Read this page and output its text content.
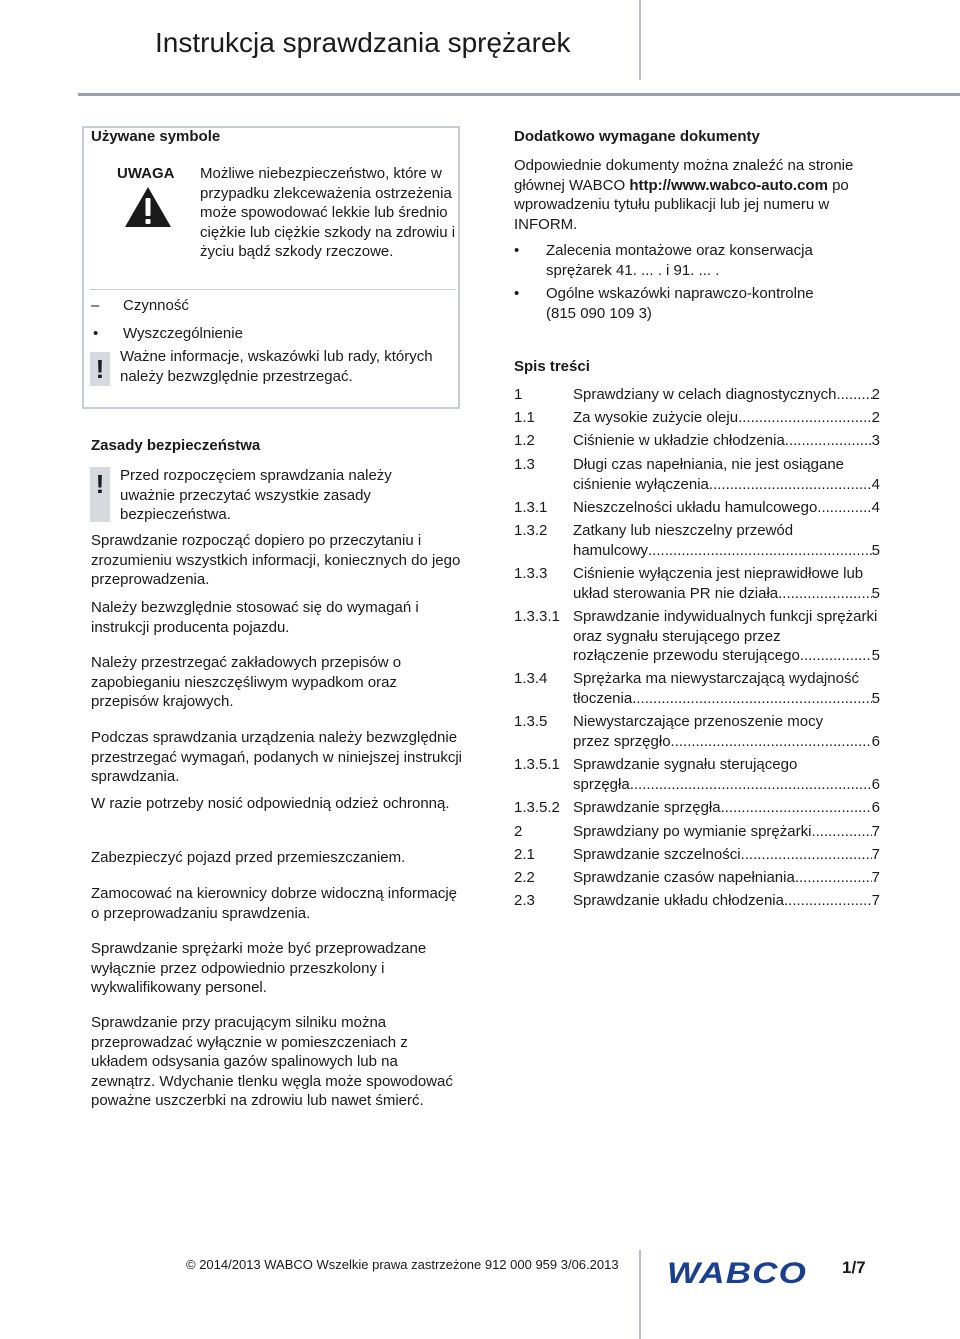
Instrukcja sprawdzania sprężarek
Używane symbole
UWAGA Możliwe niebezpieczeństwo, które w przypadku zlekceważenia ostrzeżenia może spowodować lekkie lub średnio ciężkie lub ciężkie szkody na zdrowiu i życiu bądź szkody rzeczowe.

– Czynność
• Wyszczególnienie
!	Ważne informacje, wskazówki lub rady, których należy bezwzględnie przestrzegać.

Zasady bezpieczeństwa
!	Przed rozpoczęciem sprawdzania należy uważnie przeczytać wszystkie zasady bezpieczeństwa.

Sprawdzanie rozpocząć dopiero po przeczytaniu i zrozumieniu wszystkich informacji, koniecznych do jego przeprowadzenia.

Należy bezwzględnie stosować się do wymagań i instrukcji producenta pojazdu.

Należy przestrzegać zakładowych przepisów o zapobieganiu nieszczęśliwym wypadkom oraz przepisów krajowych.

Podczas sprawdzania urządzenia należy bezwzględnie przestrzegać wymagań, podanych w niniejszej instrukcji sprawdzania.

W razie potrzeby nosić odpowiednią odzież ochronną.

Zabezpieczyć pojazd przed przemieszczaniem.

Zamocować na kierownicy dobrze widoczną informację o przeprowadzaniu sprawdzenia.

Sprawdzanie sprężarki może być przeprowadzane wyłącznie przez odpowiednio przeszkolony i wykwalifikowany personel.

Sprawdzanie przy pracującym silniku można przeprowadzać wyłącznie w pomieszczeniach z układem odsysania gazów spalinowych lub na zewnątrz. Wdychanie tlenku węgla może spowodować poważne uszczerbki na zdrowiu lub nawet śmierć.

Dodatkowo wymagane dokumenty

Odpowiednie dokumenty można znaleźć na stronie głównej WABCO http://www.wabco-auto.com po wprowadzeniu tytułu publikacji lub jej numeru w INFORM.

• Zalecenia montażowe oraz konserwacja sprężarek 41. ... . i 91. ... .
• Ogólne wskazówki naprawczo-kontrolne (815 090 109 3)
Spis treści
1	Sprawdziany w celach diagnostycznych ..... 2
1.1	Za wysokie zużycie oleju .....	2
1.2	Ciśnienie w układzie chłodzenia .....	3
1.3	Długi czas napełniania, nie jest osiągane
ciśnienie wyłączenia .....	4
1.3.1 Nieszczelności układu hamulcowego .....	4
1.3.2 Zatkany lub nieszczelny przewód
hamulcowy .....	5
1.3.3 Ciśnienie wyłączenia jest nieprawidłowe lub
układ sterowania PR nie działa .....	5
1.3.3.1 Sprawdzanie indywidualnych funkcji sprężarki oraz sygnału sterującego przez
rozłączenie przewodu sterującego .....	5
1.3.4 Sprężarka ma niewystarczającą wydajność
tłoczenia .....	5
1.3.5 Niewystarczające przenoszenie mocy
przez sprzęgło .....	6
1.3.5.1 Sprawdzanie sygnału sterującego
sprzęgła .....	6
1.3.5.2 Sprawdzanie sprzęgła .....	6
2	Sprawdziany po wymianie sprężarki .....	7
2.1	Sprawdzanie szczelności .....	7
2.2	Sprawdzanie czasów napełniania .....	7
2.3	Sprawdzanie układu chłodzenia .....	7
© 2014/2013 WABCO Wszelkie prawa zastrzeżone 912 000 959 3/06.2013 WABCO 1/7
